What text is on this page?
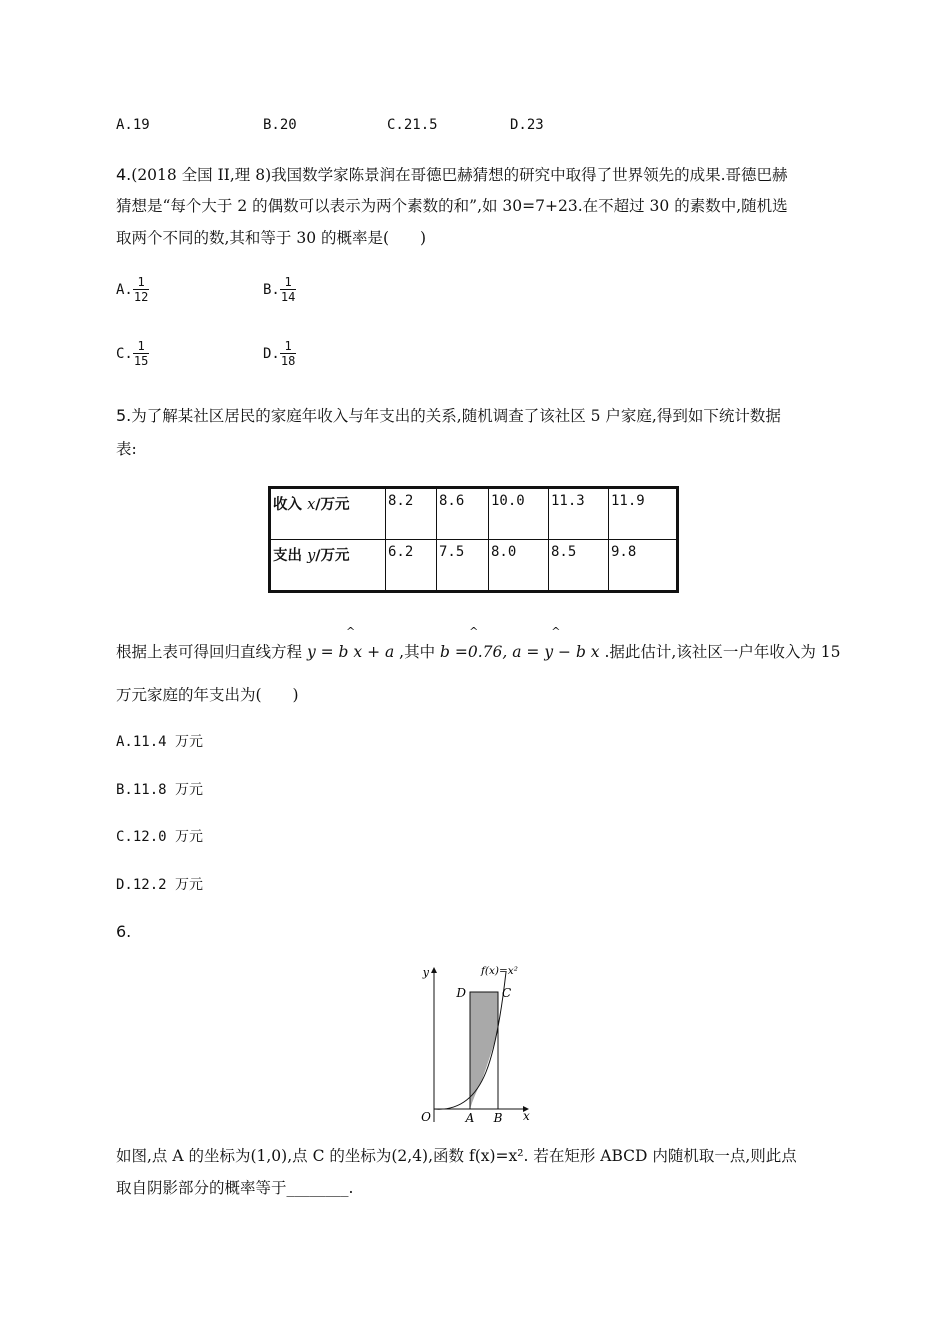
A.19	B.20	C.21.5	D.23
4.(2018 全国 II,理 8)我国数学家陈景润在哥德巴赫猜想的研究中取得了世界领先的成果.哥德巴赫
猜想是“每个大于 2 的偶数可以表示为两个素数的和”,如 30=7+23.在不超过 30 的素数中,随机选
取两个不同的数,其和等于 30 的概率是(　　)
A. $\frac{1}{12}$	B. $\frac{1}{14}$
C. $\frac{1}{15}$	D. $\frac{1}{18}$
5.为了解某社区居民的家庭年收入与年支出的关系,随机调查了该社区 5 户家庭,得到如下统计数据
表:
收入 x/万元	8.2	8.6	10.0	11.3	11.9
支出 y/万元	6.2	7.5	8.0	8.5	9.8
根据上表可得回归直线方程 ^ y = b x + a ,其中 ^ b =0.76, ^ a = y − b x .据此估计,该社区一户年收入为 15
万元家庭的年支出为(　　)
A.11.4 万元
B.11.8 万元
C.12.0 万元
D.12.2 万元
6.
y	f(x)=x²
D	C
O	A B x
如图,点 A 的坐标为(1,0),点 C 的坐标为(2,4),函数 f(x)=x². 若在矩形 ABCD 内随机取一点,则此点
取自阴影部分的概率等于________.
